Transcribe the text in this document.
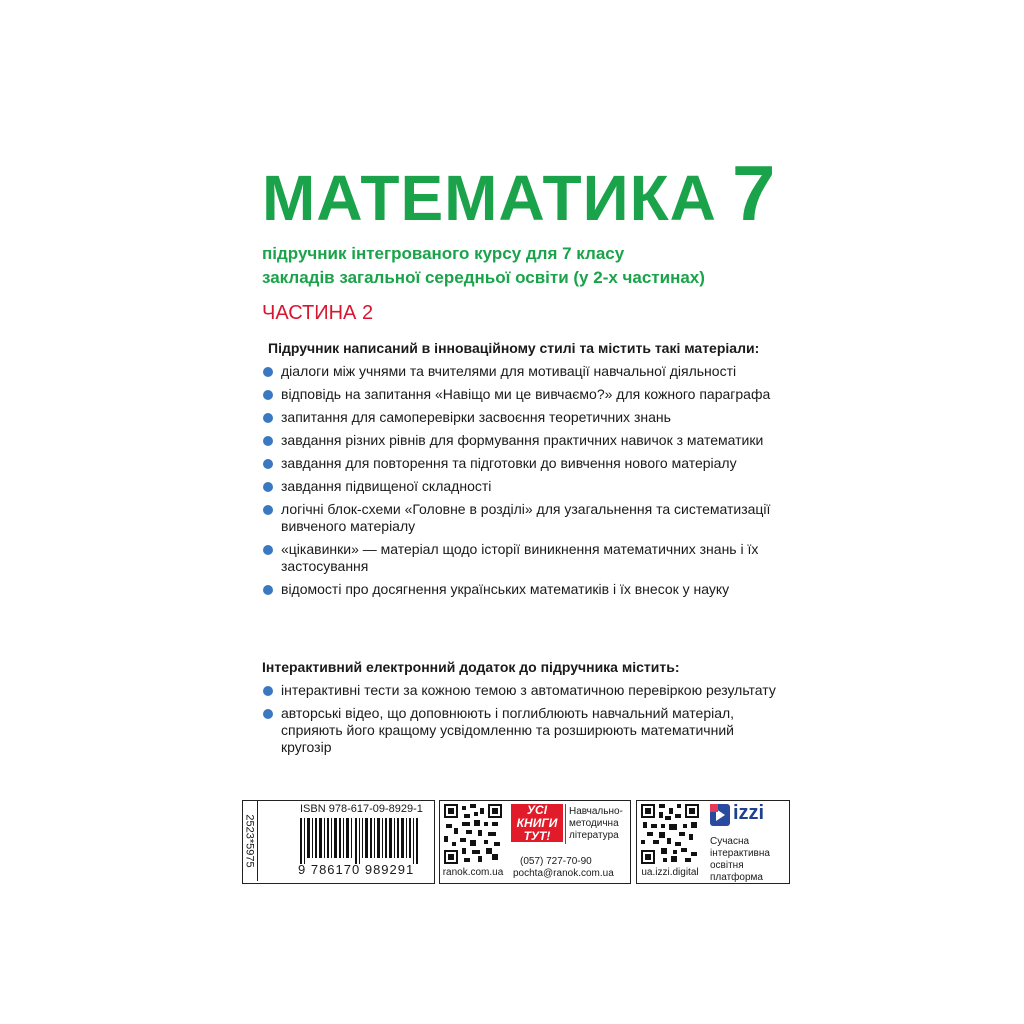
МАТЕМАТИКА 7
підручник інтегрованого курсу для 7 класу
закладів загальної середньої освіти (у 2-х частинах)
ЧАСТИНА 2
Підручник написаний в інноваційному стилі та містить такі матеріали:
діалоги між учнями та вчителями для мотивації навчальної діяльності
відповідь на запитання «Навіщо ми це вивчаємо?» для кожного параграфа
запитання для самоперевірки засвоєння теоретичних знань
завдання різних рівнів для формування практичних навичок з математики
завдання для повторення та підготовки до вивчення нового матеріалу
завдання підвищеної складності
логічні блок-схеми «Головне в розділі» для узагальнення та систематизації вивченого матеріалу
«цікавинки» — матеріал щодо історії виникнення математичних знань і їх застосування
відомості про досягнення українських математиків і їх внесок у науку
Інтерактивний електронний додаток до підручника містить:
інтерактивні тести за кожною темою з автоматичною перевіркою результату
авторські відео, що доповнюють і поглиблюють навчальний матеріал, сприяють його кращому усвідомленню та розширюють математичний кругозір
2523*5975
ISBN 978-617-09-8929-1
9 786170 989291	ranok.com.ua
УСІ
КНИГИ
ТУТ!
Навчально-
методична
література
(057) 727-70-90
pochta@ranok.com.ua	ua.izzi.digital
izzi
Сучасна
інтерактивна
освітня
платформа
